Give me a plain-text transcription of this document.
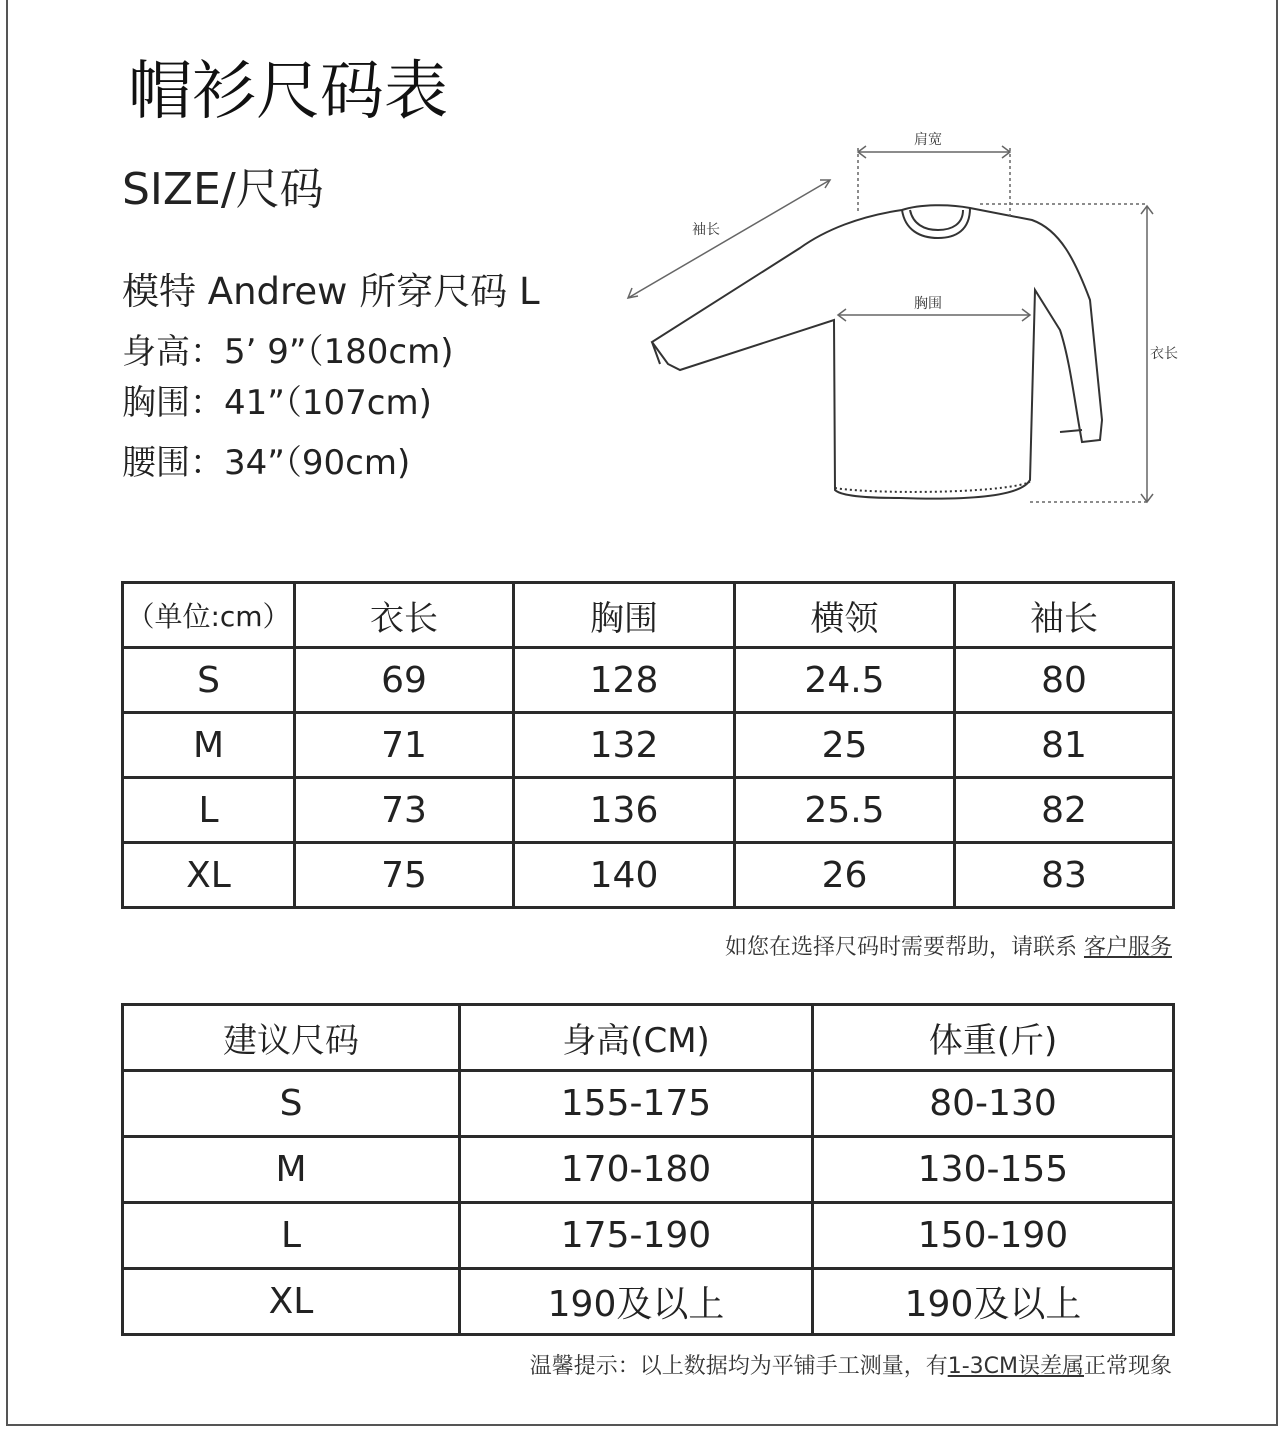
帽衫尺码表
SIZE/尺码
模特 Andrew 所穿尺码 L
身高：5’ 9”（180cm)
胸围：41”（107cm)
腰围：34”（90cm)
肩宽
袖长
胸围
衣长
（单位:cm）	衣长	胸围	横领	袖长
S	69	128	24.5	80
M	71	132	25	81
L	73	136	25.5	82
XL	75	140	26	83
如您在选择尺码时需要帮助，请联系 客户服务
建议尺码	身高(CM)	体重(斤)
S	155-175	80-130
M	170-180	130-155
L	175-190	150-190
XL	190及以上	190及以上
温馨提示：以上数据均为平铺手工测量，有1-3CM误差属正常现象
